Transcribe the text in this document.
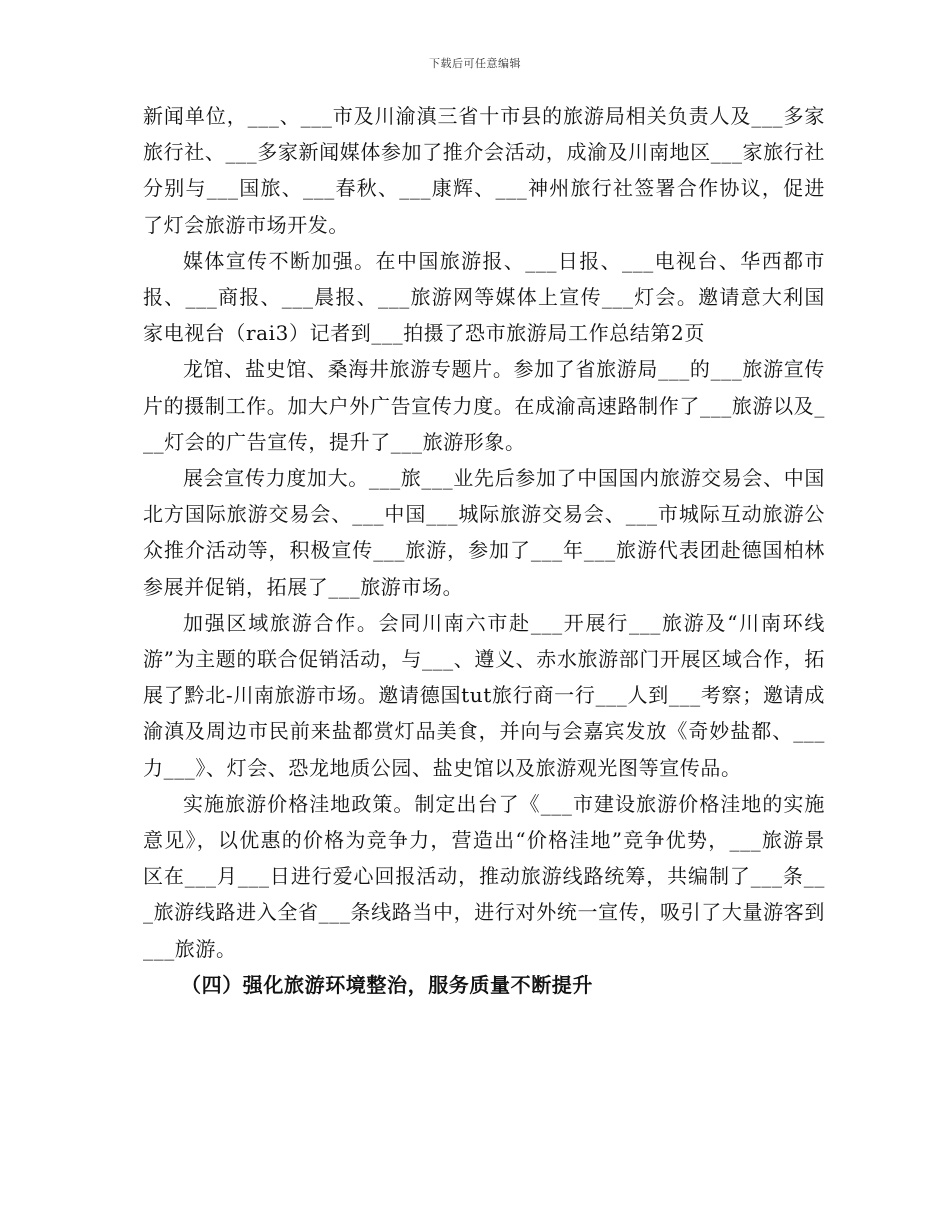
下载后可任意编辑

新闻单位，___、___市及川渝滇三省十市县的旅游局相关负责人及___多家旅行社、___多家新闻媒体参加了推介会活动，成渝及川南地区___家旅行社分别与___国旅、___春秋、___康辉、___神州旅行社签署合作协议，促进了灯会旅游市场开发。

媒体宣传不断加强。在中国旅游报、___日报、___电视台、华西都市报、___商报、___晨报、___旅游网等媒体上宣传___灯会。邀请意大利国家电视台（rai3）记者到___拍摄了恐市旅游局工作总结第2页

龙馆、盐史馆、桑海井旅游专题片。参加了省旅游局___的___旅游宣传片的摄制工作。加大户外广告宣传力度。在成渝高速路制作了___旅游以及___灯会的广告宣传，提升了___旅游形象。

展会宣传力度加大。___旅___业先后参加了中国国内旅游交易会、中国北方国际旅游交易会、___中国___城际旅游交易会、___市城际互动旅游公众推介活动等，积极宣传___旅游，参加了___年___旅游代表团赴德国柏林参展并促销，拓展了___旅游市场。

加强区域旅游合作。会同川南六市赴___开展行___旅游及“川南环线游”为主题的联合促销活动，与___、遵义、赤水旅游部门开展区域合作，拓展了黔北-川南旅游市场。邀请德国tut旅行商一行___人到___考察；邀请成渝滇及周边市民前来盐都赏灯品美食，并向与会嘉宾发放《奇妙盐都、___力___》、灯会、恐龙地质公园、盐史馆以及旅游观光图等宣传品。

实施旅游价格洼地政策。制定出台了《___市建设旅游价格洼地的实施意见》，以优惠的价格为竞争力，营造出“价格洼地”竞争优势，___旅游景区在___月___日进行爱心回报活动，推动旅游线路统筹，共编制了___条___旅游线路进入全省___条线路当中，进行对外统一宣传，吸引了大量游客到___旅游。

（四）强化旅游环境整治，服务质量不断提升
